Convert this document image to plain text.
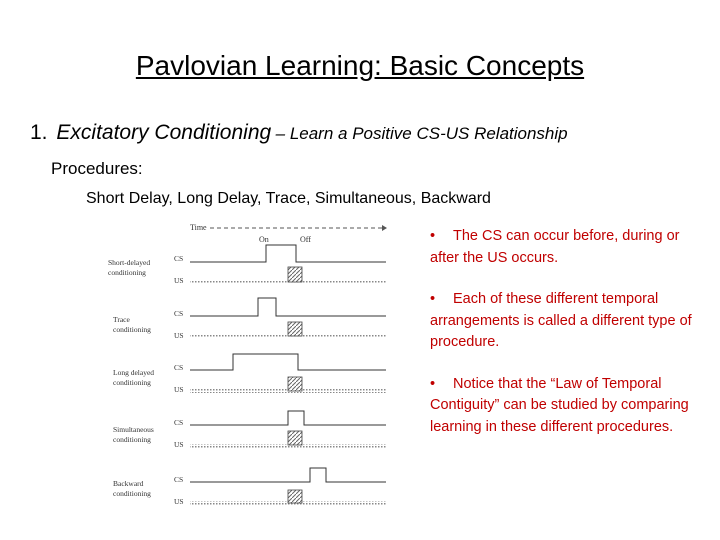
Pavlovian Learning: Basic Concepts
1. Excitatory Conditioning – Learn a Positive CS-US Relationship
Procedures:
Short Delay, Long Delay, Trace, Simultaneous, Backward
Time
On	Off
Short-delayed
conditioning
CS
US
Trace
conditioning
CS
US
Long delayed
conditioning
CS
US
Simultaneous
conditioning
CS
US
Backward
conditioning
CS
US
• The CS can occur before, during or after the US occurs.
• Each of these different temporal arrangements is called a different type of procedure.
• Notice that the “Law of Temporal Contiguity” can be studied by comparing learning in these different procedures.
